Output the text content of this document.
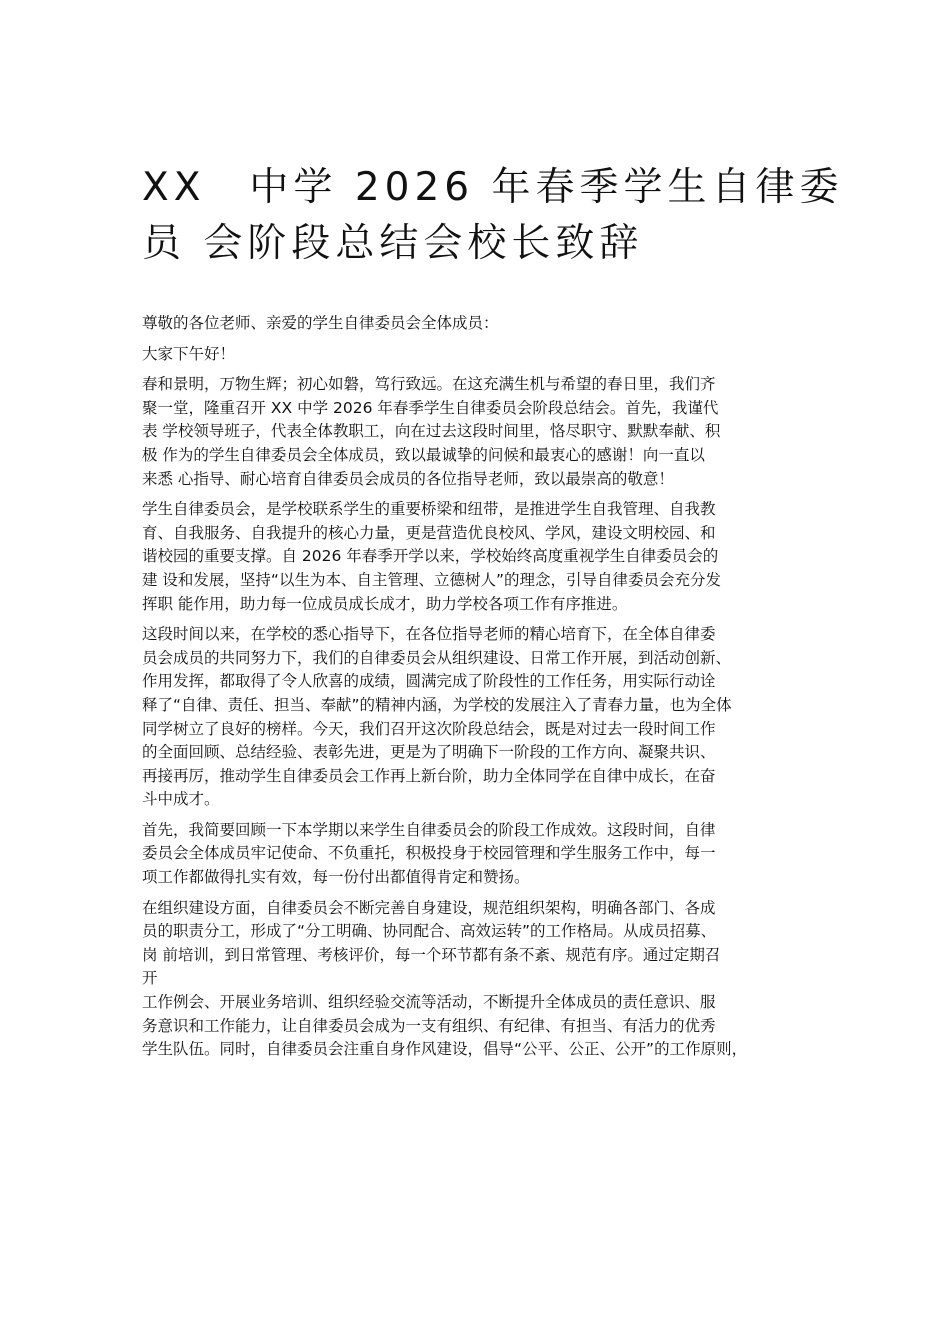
XX　中学 2026 年春季学生自律委
员 会阶段总结会校长致辞

尊敬的各位老师、亲爱的学生自律委员会全体成员：

大家下午好！

春和景明，万物生辉；初心如磐，笃行致远。在这充满生机与希望的春日里，我们齐
聚一堂，隆重召开 XX 中学 2026 年春季学生自律委员会阶段总结会。首先，我谨代
表 学校领导班子，代表全体教职工，向在过去这段时间里，恪尽职守、默默奉献、积
极 作为的学生自律委员会全体成员，致以最诚挚的问候和最衷心的感谢！向一直以
来悉 心指导、耐心培育自律委员会成员的各位指导老师，致以最崇高的敬意！

学生自律委员会，是学校联系学生的重要桥梁和纽带，是推进学生自我管理、自我教
育、自我服务、自我提升的核心力量，更是营造优良校风、学风，建设文明校园、和
谐校园的重要支撑。自 2026 年春季开学以来，学校始终高度重视学生自律委员会的
建 设和发展，坚持“以生为本、自主管理、立德树人”的理念，引导自律委员会充分发
挥职 能作用，助力每一位成员成长成才，助力学校各项工作有序推进。

这段时间以来，在学校的悉心指导下，在各位指导老师的精心培育下，在全体自律委
员会成员的共同努力下，我们的自律委员会从组织建设、日常工作开展，到活动创新、
作用发挥，都取得了令人欣喜的成绩，圆满完成了阶段性的工作任务，用实际行动诠
释了“自律、责任、担当、奉献”的精神内涵，为学校的发展注入了青春力量，也为全体
同学树立了良好的榜样。今天，我们召开这次阶段总结会，既是对过去一段时间工作
的全面回顾、总结经验、表彰先进，更是为了明确下一阶段的工作方向、凝聚共识、
再接再厉，推动学生自律委员会工作再上新台阶，助力全体同学在自律中成长，在奋
斗中成才。

首先，我简要回顾一下本学期以来学生自律委员会的阶段工作成效。这段时间，自律
委员会全体成员牢记使命、不负重托，积极投身于校园管理和学生服务工作中，每一
项工作都做得扎实有效，每一份付出都值得肯定和赞扬。

在组织建设方面，自律委员会不断完善自身建设，规范组织架构，明确各部门、各成
员的职责分工，形成了“分工明确、协同配合、高效运转”的工作格局。从成员招募、
岗 前培训，到日常管理、考核评价，每一个环节都有条不紊、规范有序。通过定期召
开
工作例会、开展业务培训、组织经验交流等活动，不断提升全体成员的责任意识、服
务意识和工作能力，让自律委员会成为一支有组织、有纪律、有担当、有活力的优秀
学生队伍。同时，自律委员会注重自身作风建设，倡导“公平、公正、公开”的工作原则，
